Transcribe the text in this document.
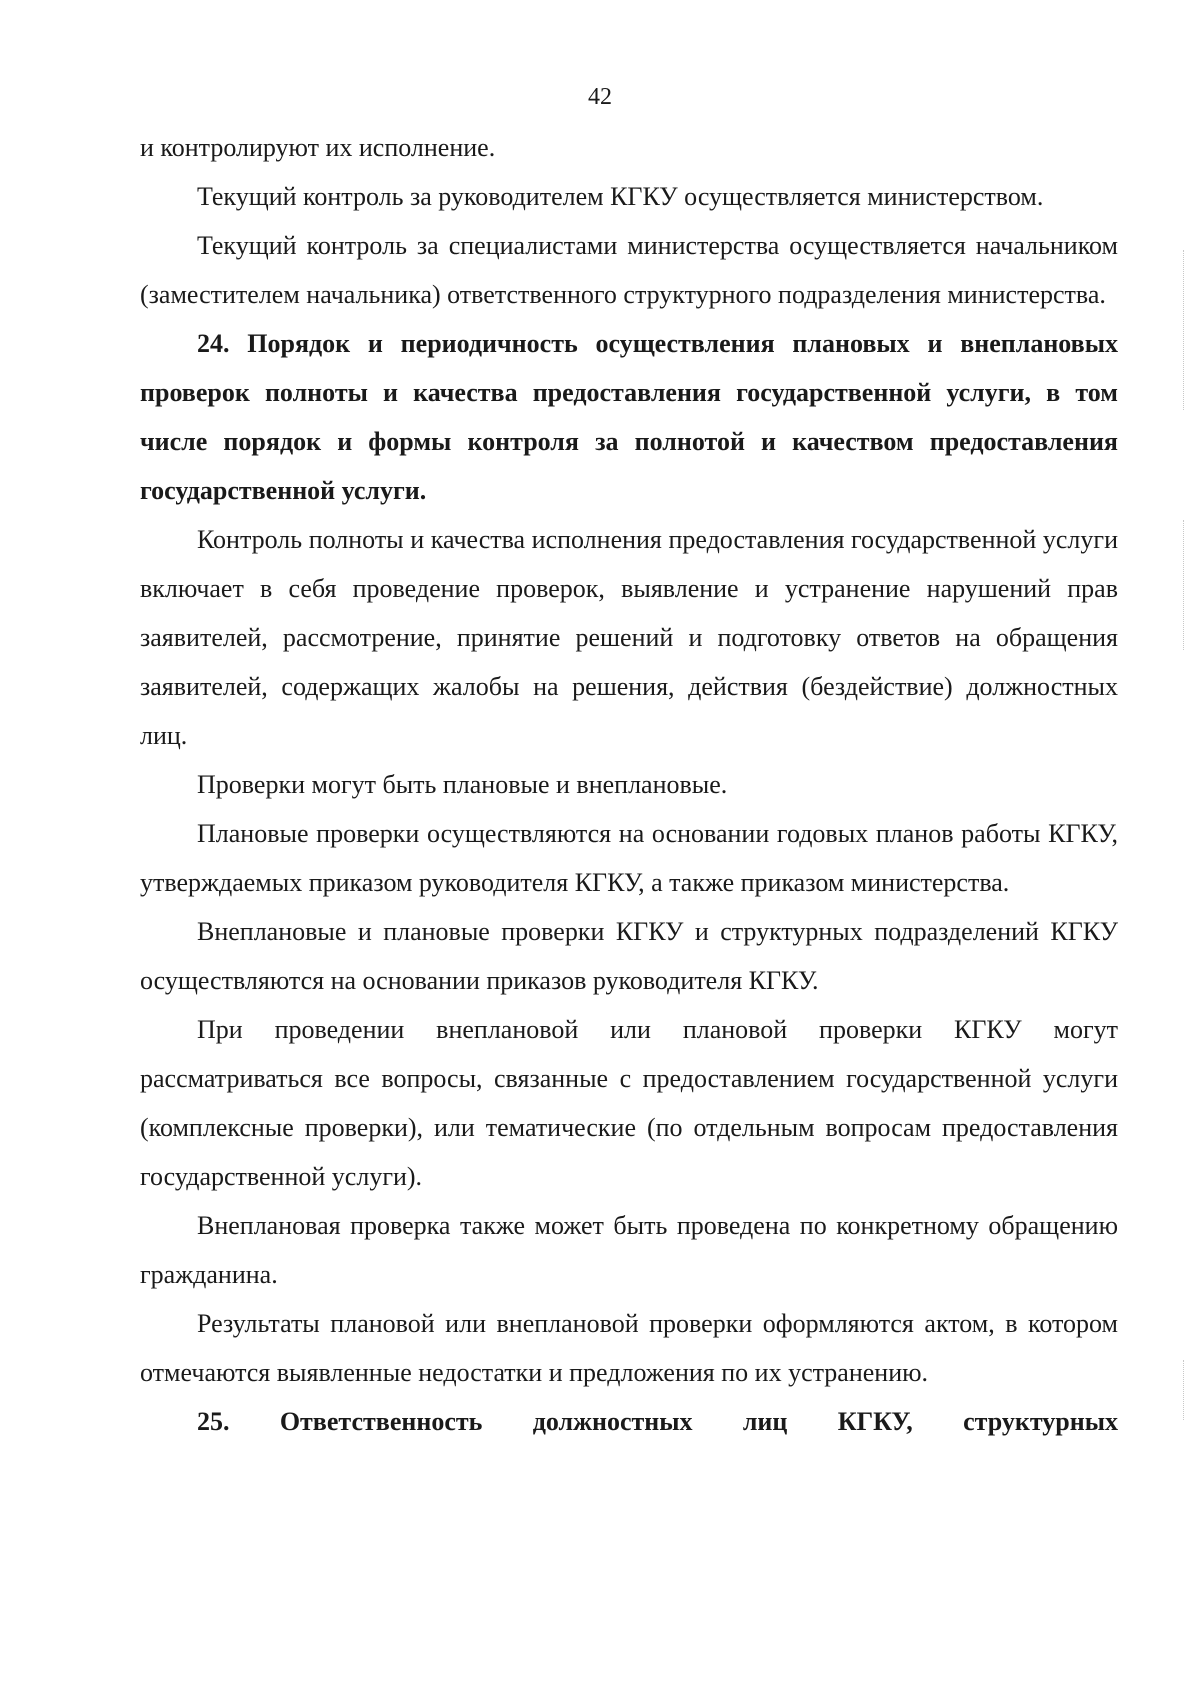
42

и контролируют их исполнение.

Текущий контроль за руководителем КГКУ осуществляется министерством.

Текущий контроль за специалистами министерства осуществляется начальником (заместителем начальника) ответственного структурного подразделения министерства.

24. Порядок и периодичность осуществления плановых и внеплановых проверок полноты и качества предоставления государственной услуги, в том числе порядок и формы контроля за полнотой и качеством предоставления государственной услуги.

Контроль полноты и качества исполнения предоставления государственной услуги включает в себя проведение проверок, выявление и устранение нарушений прав заявителей, рассмотрение, принятие решений и подготовку ответов на обращения заявителей, содержащих жалобы на решения, действия (бездействие) должностных лиц.

Проверки могут быть плановые и внеплановые.

Плановые проверки осуществляются на основании годовых планов работы КГКУ, утверждаемых приказом руководителя КГКУ, а также приказом министерства.

Внеплановые и плановые проверки КГКУ и структурных подразделений КГКУ осуществляются на основании приказов руководителя КГКУ.

При проведении внеплановой или плановой проверки КГКУ могут рассматриваться все вопросы, связанные с предоставлением государственной услуги (комплексные проверки), или тематические (по отдельным вопросам предоставления государственной услуги).

Внеплановая проверка также может быть проведена по конкретному обращению гражданина.

Результаты плановой или внеплановой проверки оформляются актом, в котором отмечаются выявленные недостатки и предложения по их устранению.

25. Ответственность должностных лиц КГКУ, структурных
